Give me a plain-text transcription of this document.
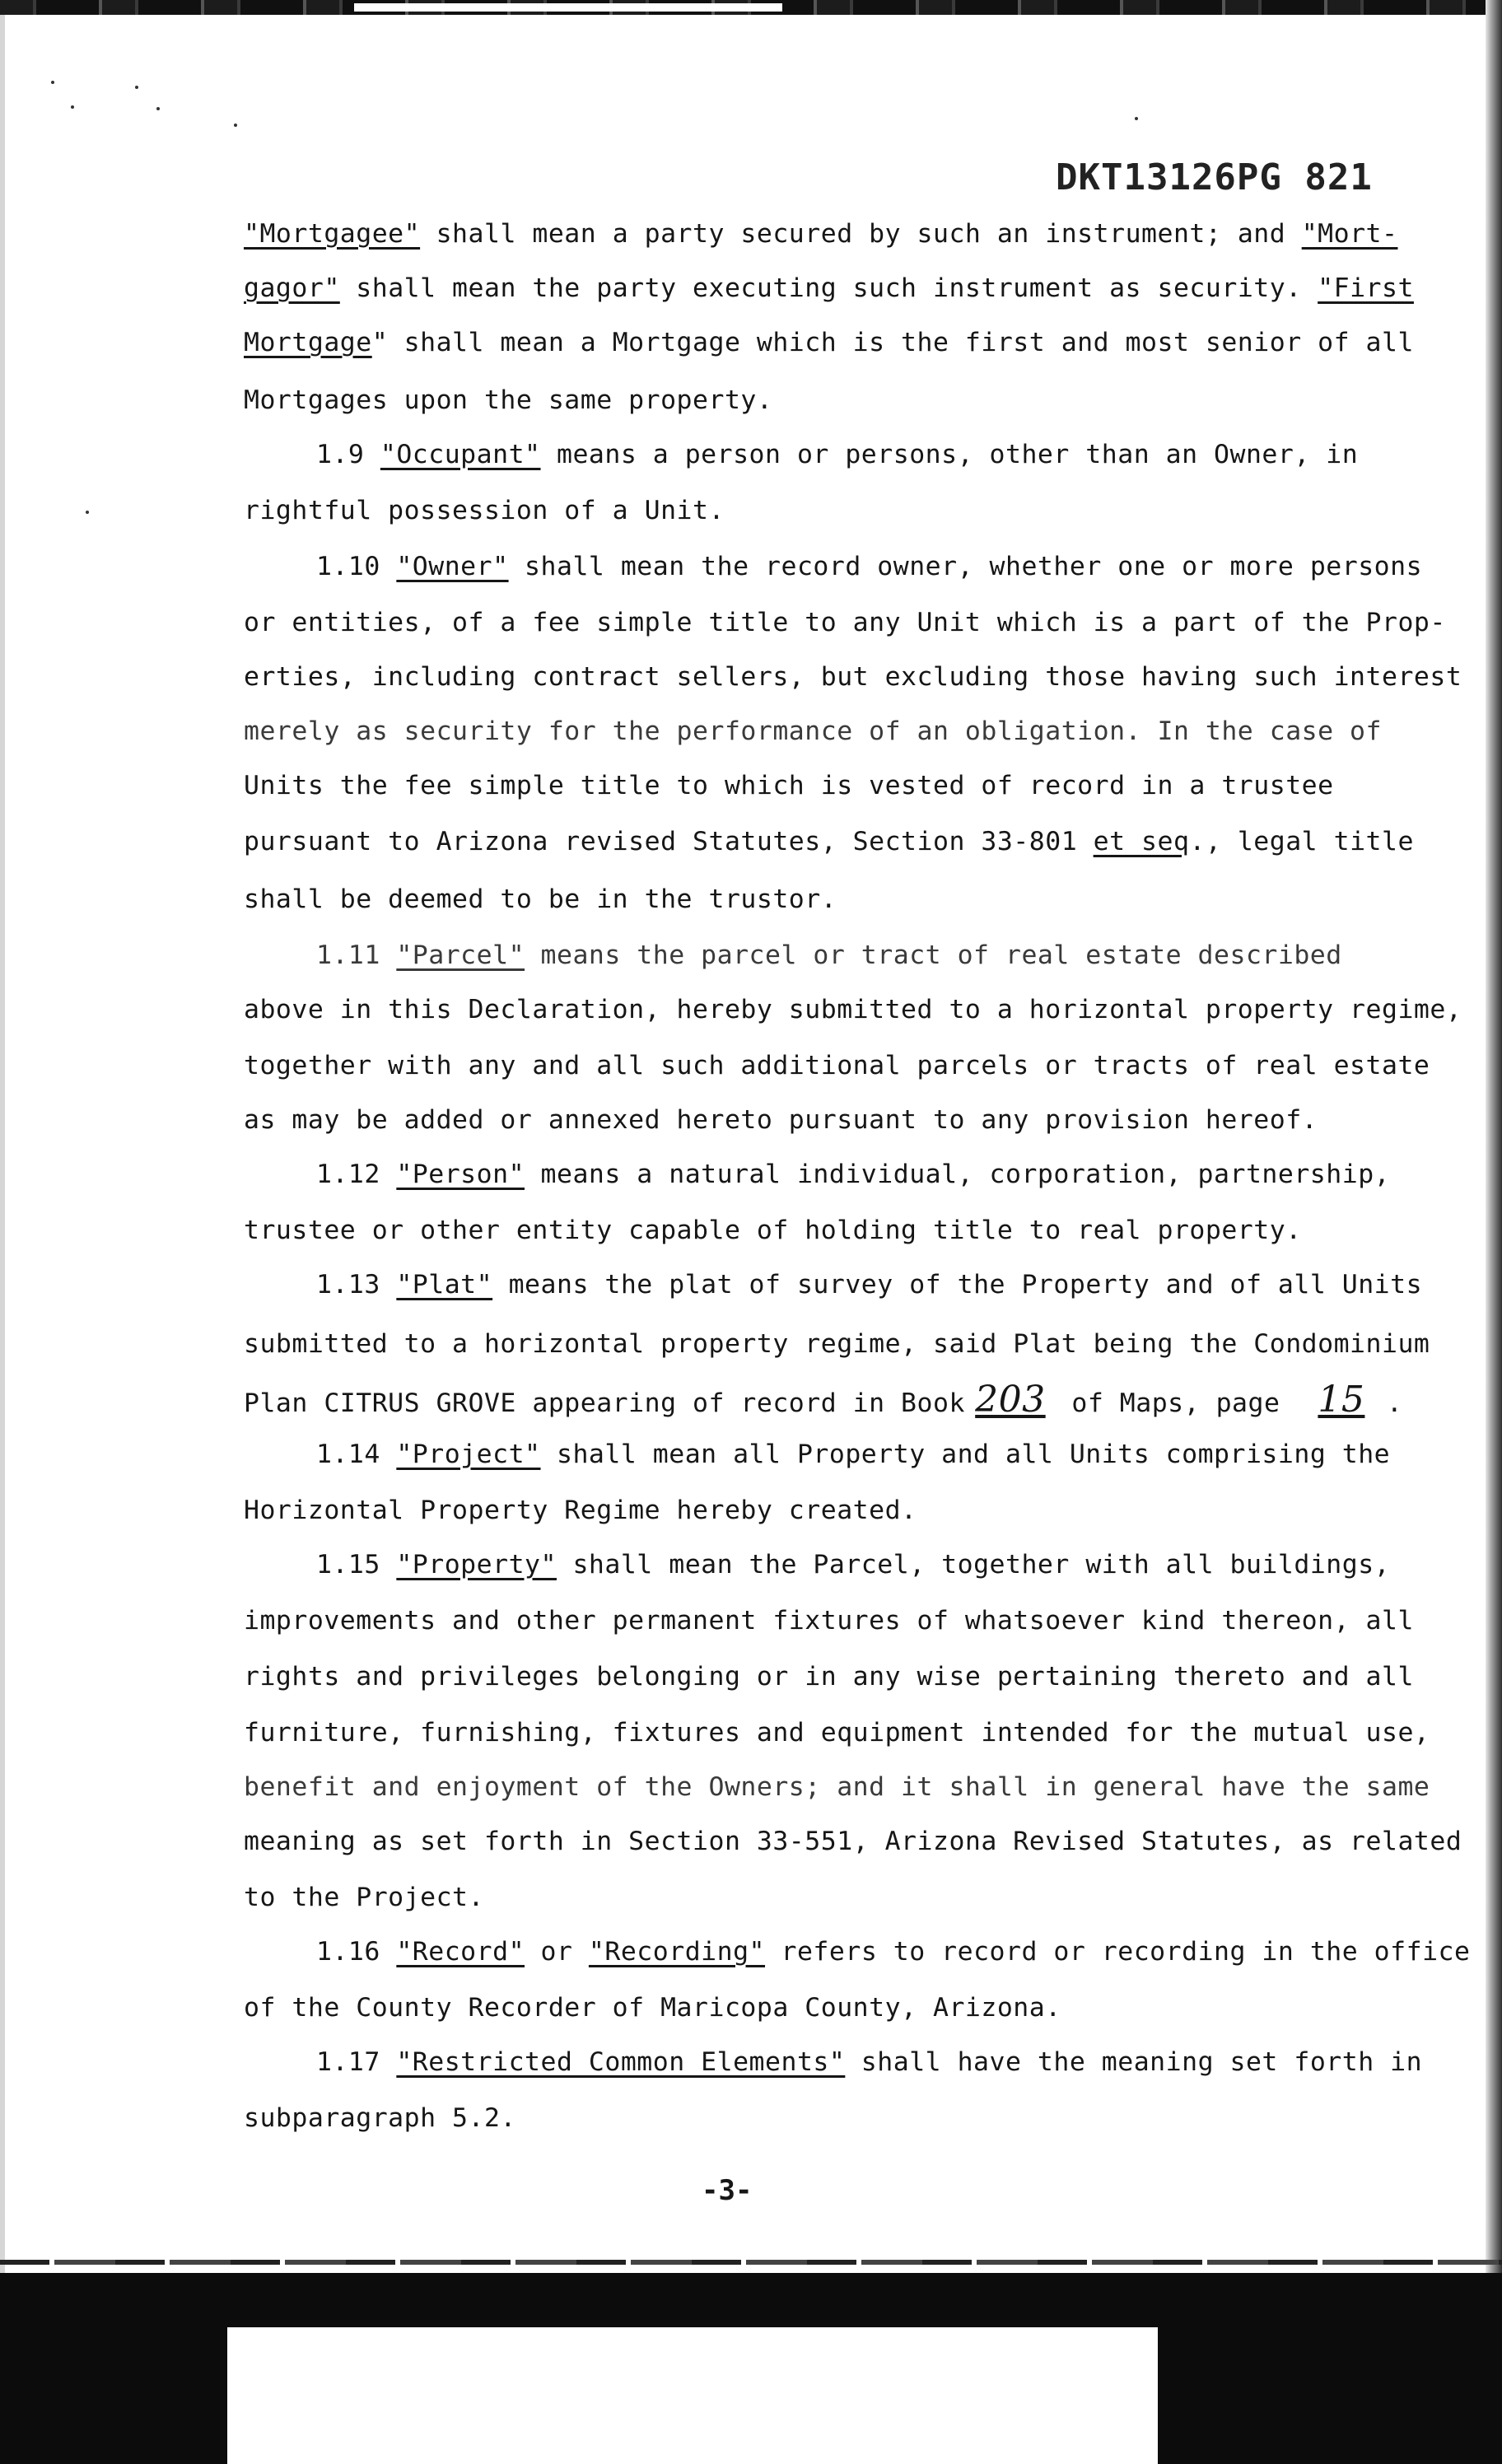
DKT13126PG 821
"Mortgagee" shall mean a party secured by such an instrument; and "Mort-
gagor" shall mean the party executing such instrument as security. "First
Mortgage" shall mean a Mortgage which is the first and most senior of all
Mortgages upon the same property.
1.9 "Occupant" means a person or persons, other than an Owner, in
rightful possession of a Unit.
1.10 "Owner" shall mean the record owner, whether one or more persons
or entities, of a fee simple title to any Unit which is a part of the Prop-
erties, including contract sellers, but excluding those having such interest
merely as security for the performance of an obligation. In the case of
Units the fee simple title to which is vested of record in a trustee
pursuant to Arizona revised Statutes, Section 33-801 et seq., legal title
shall be deemed to be in the trustor.
1.11 "Parcel" means the parcel or tract of real estate described
above in this Declaration, hereby submitted to a horizontal property regime,
together with any and all such additional parcels or tracts of real estate
as may be added or annexed hereto pursuant to any provision hereof.
1.12 "Person" means a natural individual, corporation, partnership,
trustee or other entity capable of holding title to real property.
1.13 "Plat" means the plat of survey of the Property and of all Units
submitted to a horizontal property regime, said Plat being the Condominium
Plan CITRUS GROVE appearing of record in Book 203 of Maps, page 15 .
1.14 "Project" shall mean all Property and all Units comprising the
Horizontal Property Regime hereby created.
1.15 "Property" shall mean the Parcel, together with all buildings,
improvements and other permanent fixtures of whatsoever kind thereon, all
rights and privileges belonging or in any wise pertaining thereto and all
furniture, furnishing, fixtures and equipment intended for the mutual use,
benefit and enjoyment of the Owners; and it shall in general have the same
meaning as set forth in Section 33-551, Arizona Revised Statutes, as related
to the Project.
1.16 "Record" or "Recording" refers to record or recording in the office
of the County Recorder of Maricopa County, Arizona.
1.17 "Restricted Common Elements" shall have the meaning set forth in
subparagraph 5.2.
-3-
